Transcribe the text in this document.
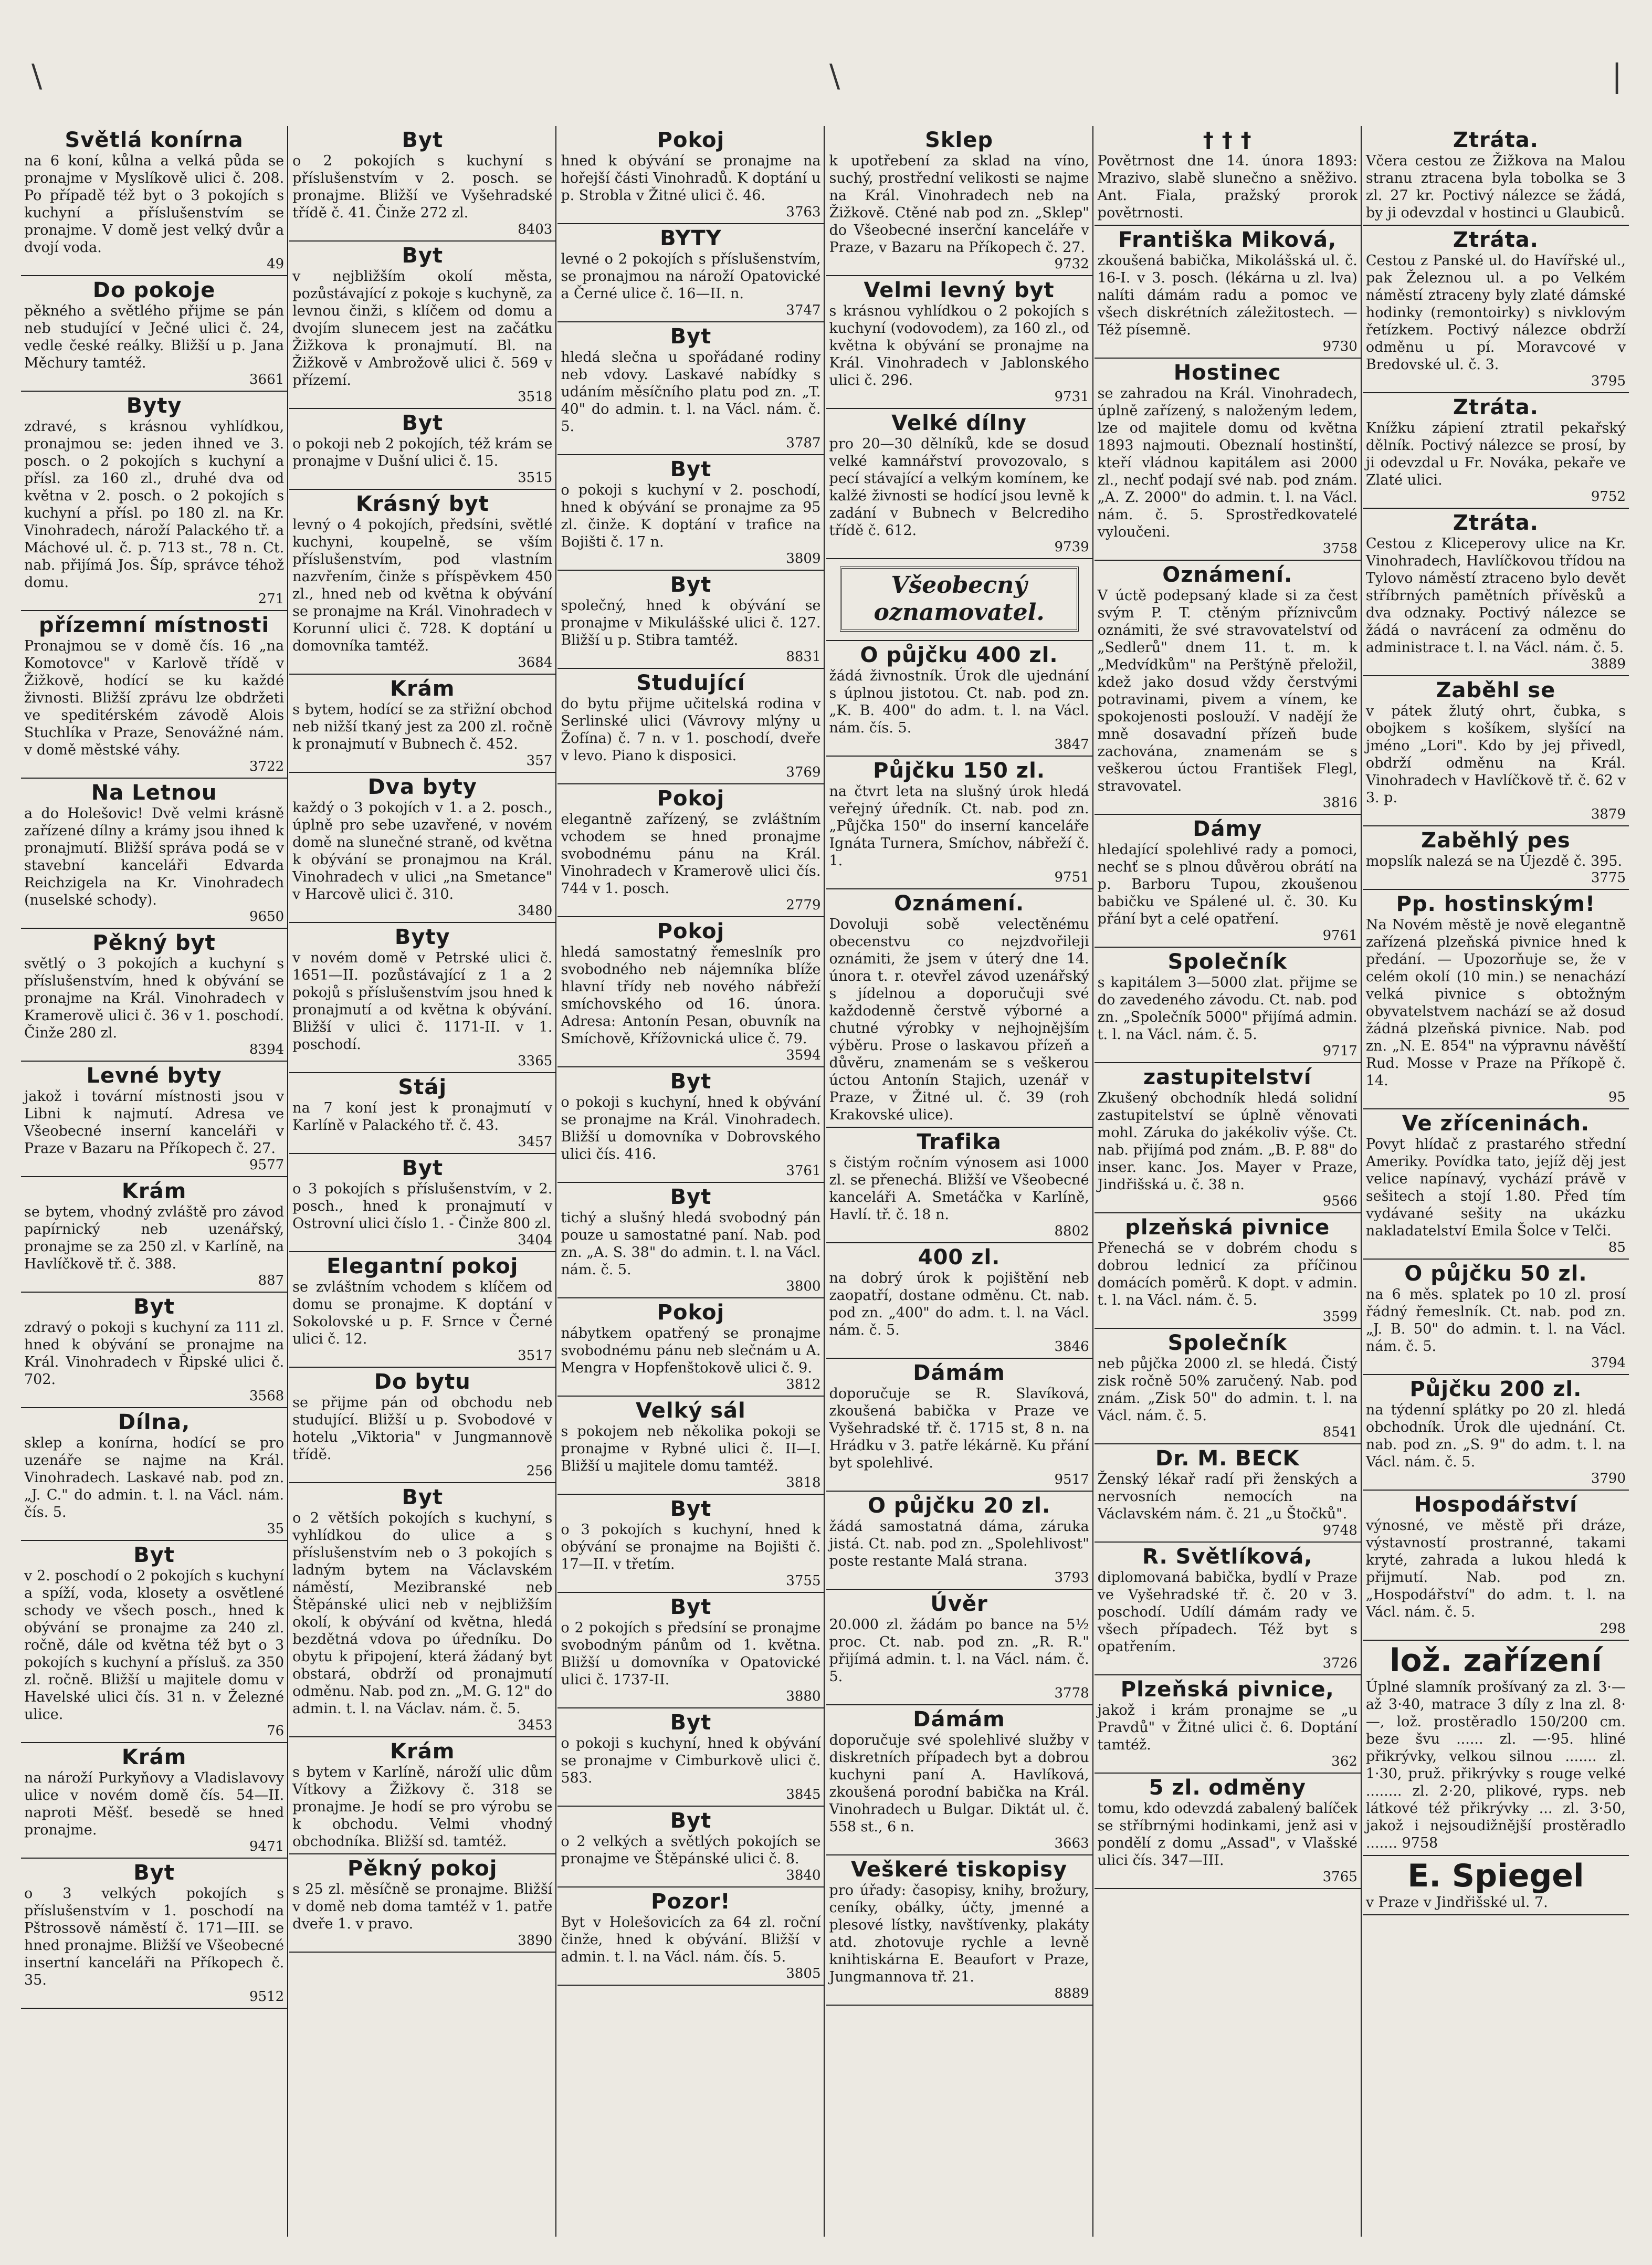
\	\	|
Světlá konírna
na 6 koní, kůlna a velká půda se pronajme v Myslíkově ulici č. 208. Po případě též byt o 3 pokojích s kuchyní a příslušenstvím se pronajme. V domě jest velký dvůr a dvojí voda.
49
Do pokoje
pěkného a světlého přijme se pán neb studující v Ječné ulici č. 24, vedle české reálky. Bližší u p. Jana Měchury tamtéž.
3661
Byty
zdravé, s krásnou vyhlídkou, pronajmou se: jeden ihned ve 3. posch. o 2 pokojích s kuchyní a přísl. za 160 zl., druhé dva od května v 2. posch. o 2 pokojích s kuchyní a přísl. po 180 zl. na Kr. Vinohradech, nároží Palackého tř. a Máchové ul. č. p. 713 st., 78 n. Ct. nab. přijímá Jos. Šíp, správce téhož domu.
271
přízemní místnosti
Pronajmou se v domě čís. 16 „na Komotovce" v Karlově třídě v Žižkově, hodící se ku každé živnosti. Bližší zprávu lze obdržeti ve speditérském závodě Alois Stuchlíka v Praze, Senovážné nám. v domě městské váhy.
3722
Na Letnou
a do Holešovic! Dvě velmi krásně zařízené dílny a krámy jsou ihned k pronajmutí. Bližší správa podá se v stavební kanceláři Edvarda Reichzigela na Kr. Vinohradech (nuselské schody).
9650
Pěkný byt
světlý o 3 pokojích a kuchyní s příslušenstvím, hned k obývání se pronajme na Král. Vinohradech v Kramerově ulici č. 36 v 1. poschodí. Činže 280 zl.
8394
Levné byty
jakož i tovární místnosti jsou v Libni k najmutí. Adresa ve Všeobecné inserní kanceláři v Praze v Bazaru na Příkopech č. 27.
9577
Krám
se bytem, vhodný zvláště pro závod papírnický neb uzenářský, pronajme se za 250 zl. v Karlíně, na Havlíčkově tř. č. 388.
887
Byt
zdravý o pokoji s kuchyní za 111 zl. hned k obývání se pronajme na Král. Vinohradech v Řipské ulici č. 702.
3568
Dílna,
sklep a konírna, hodící se pro uzenáře se najme na Král. Vinohradech. Laskavé nab. pod zn. „J. C." do admin. t. l. na Václ. nám. čís. 5.
35
Byt
v 2. poschodí o 2 pokojích s kuchyní a spíží, voda, klosety a osvětlené schody ve všech posch., hned k obývání se pronajme za 240 zl. ročně, dále od května též byt o 3 pokojích s kuchyní a přísluš. za 350 zl. ročně. Bližší u majitele domu v Havelské ulici čís. 31 n. v Železné ulice.
76
Krám
na nároží Purkyňovy a Vladislavovy ulice v novém domě čís. 54—II. naproti Měšť. besedě se hned pronajme.
9471
Byt
o 3 velkých pokojích s příslušenstvím v 1. poschodí na Pštrossově náměstí č. 171—III. se hned pronajme. Bližší ve Všeobecné insertní kanceláři na Příkopech č. 35.
9512
Byt
o 2 pokojích s kuchyní s příslušenstvím v 2. posch. se pronajme. Bližší ve Vyšehradské třídě č. 41. Činže 272 zl.
8403
Byt
v nejbližším okolí města, pozůstávající z pokoje s kuchyně, za levnou činži, s klíčem od domu a dvojím slunecem jest na začátku Žižkova k pronajmutí. Bl. na Žižkově v Ambrožově ulici č. 569 v přízemí.
3518
Byt
o pokoji neb 2 pokojích, též krám se pronajme v Dušní ulici č. 15.
3515
Krásný byt
levný o 4 pokojích, předsíni, světlé kuchyni, koupelně, se vším příslušenstvím, pod vlastním nazvřením, činže s příspěvkem 450 zl., hned neb od května k obývání se pronajme na Král. Vinohradech v Korunní ulici č. 728. K doptání u domovníka tamtéž.
3684
Krám
s bytem, hodící se za střižní obchod neb nižší tkaný jest za 200 zl. ročně k pronajmutí v Bubnech č. 452.
357
Dva byty
každý o 3 pokojích v 1. a 2. posch., úplně pro sebe uzavřené, v novém domě na slunečné straně, od května k obývání se pronajmou na Král. Vinohradech v ulici „na Smetance" v Harcově ulici č. 310.
3480
Byty
v novém domě v Petrské ulici č. 1651—II. pozůstávající z 1 a 2 pokojů s příslušenstvím jsou hned k pronajmutí a od května k obývání. Bližší v ulici č. 1171-II. v 1. poschodí.
3365
Stáj
na 7 koní jest k pronajmutí v Karlíně v Palackého tř. č. 43.
3457
Byt
o 3 pokojích s příslušenstvím, v 2. posch., hned k pronajmutí v Ostrovní ulici číslo 1. - Činže 800 zl.
3404
Elegantní pokoj
se zvláštním vchodem s klíčem od domu se pronajme. K doptání v Sokolovské u p. F. Srnce v Černé ulici č. 12.
3517
Do bytu
se přijme pán od obchodu neb studující. Bližší u p. Svobodové v hotelu „Viktoria" v Jungmannově třídě.
256
Byt
o 2 větších pokojích s kuchyní, s vyhlídkou do ulice a s příslušenstvím neb o 3 pokojích s ladným bytem na Václavském náměstí, Mezibranské neb Štěpánské ulici neb v nejbližším okolí, k obývání od května, hledá bezdětná vdova po úředníku. Do obytu k připojení, která žádaný byt obstará, obdrží od pronajmutí odměnu. Nab. pod zn. „M. G. 12" do admin. t. l. na Václav. nám. č. 5.
3453
Krám
s bytem v Karlíně, nároží ulic dům Vítkovy a Žižkovy č. 318 se pronajme. Je hodí se pro výrobu se k obchodu. Velmi vhodný obchodníka. Bližší sd. tamtéž.
Pěkný pokoj
s 25 zl. měsíčně se pronajme. Bližší v domě neb doma tamtéž v 1. patře dveře 1. v pravo.
3890
Pokoj
hned k obývání se pronajme na hořejší části Vinohradů. K doptání u p. Strobla v Žitné ulici č. 46.
3763
BYTY
levné o 2 pokojích s příslušenstvím, se pronajmou na nároží Opatovické a Černé ulice č. 16—II. n.
3747
Byt
hledá slečna u spořádané rodiny neb vdovy. Laskavé nabídky s udáním měsíčního platu pod zn. „T. 40" do admin. t. l. na Václ. nám. č. 5.
3787
Byt
o pokoji s kuchyní v 2. poschodí, hned k obývání se pronajme za 95 zl. činže. K doptání v trafice na Bojišti č. 17 n.
3809
Byt
společný, hned k obývání se pronajme v Mikulášské ulici č. 127. Bližší u p. Stibra tamtéž.
8831
Studující
do bytu přijme učitelská rodina v Serlinské ulici (Vávrovy mlýny u Žofína) č. 7 n. v 1. poschodí, dveře v levo. Piano k disposici.
3769
Pokoj
elegantně zařízený, se zvláštním vchodem se hned pronajme svobodnému pánu na Král. Vinohradech v Kramerově ulici čís. 744 v 1. posch.
2779
Pokoj
hledá samostatný řemeslník pro svobodného neb nájemníka blíže hlavní třídy neb nového nábřeží smíchovského od 16. února. Adresa: Antonín Pesan, obuvník na Smíchově, Křížovnická ulice č. 79.
3594
Byt
o pokoji s kuchyní, hned k obývání se pronajme na Král. Vinohradech. Bližší u domovníka v Dobrovského ulici čís. 416.
3761
Byt
tichý a slušný hledá svobodný pán pouze u samostatné paní. Nab. pod zn. „A. S. 38" do admin. t. l. na Václ. nám. č. 5.
3800
Pokoj
nábytkem opatřený se pronajme svobodnému pánu neb slečnám u A. Mengra v Hopfenštokově ulici č. 9.
3812
Velký sál
s pokojem neb několika pokoji se pronajme v Rybné ulici č. II—I. Bližší u majitele domu tamtéž.
3818
Byt
o 3 pokojích s kuchyní, hned k obývání se pronajme na Bojišti č. 17—II. v třetím.
3755
Byt
o 2 pokojích s předsíní se pronajme svobodným pánům od 1. května. Bližší u domovníka v Opatovické ulici č. 1737-II.
3880
Byt
o pokoji s kuchyní, hned k obývání se pronajme v Cimburkově ulici č. 583.
3845
Byt
o 2 velkých a světlých pokojích se pronajme ve Štěpánské ulici č. 8.
3840
Pozor!
Byt v Holešovicích za 64 zl. roční činže, hned k obývání. Bližší v admin. t. l. na Václ. nám. čís. 5.
3805
Sklep
k upotřebení za sklad na víno, suchý, prostřední velikosti se najme na Král. Vinohradech neb na Žižkově. Ctěné nab pod zn. „Sklep" do Všeobecné inserční kanceláře v Praze, v Bazaru na Příkopech č. 27.
9732
Velmi levný byt
s krásnou vyhlídkou o 2 pokojích s kuchyní (vodovodem), za 160 zl., od května k obývání se pronajme na Král. Vinohradech v Jablonského ulici č. 296.
9731
Velké dílny
pro 20—30 dělníků, kde se dosud velké kamnářství provozovalo, s pecí stávající a velkým komínem, ke kalžé živnosti se hodící jsou levně k zadání v Bubnech v Belcrediho třídě č. 612.
9739
Všeobecný oznamovatel.
O půjčku 400 zl.
žádá živnostník. Úrok dle ujednání s úplnou jistotou. Ct. nab. pod zn. „K. B. 400" do adm. t. l. na Václ. nám. čís. 5.
3847
Půjčku 150 zl.
na čtvrt leta na slušný úrok hledá veřejný úředník. Ct. nab. pod zn. „Půjčka 150" do inserní kanceláře Ignáta Turnera, Smíchov, nábřeží č. 1.
9751
Oznámení.
Dovoluji sobě velectěnému obecenstvu co nejzdvořileji oznámiti, že jsem v úterý dne 14. února t. r. otevřel závod uzenářský s jídelnou a doporučuji své každodenně čerstvě výborné a chutné výrobky v nejhojnějším výběru. Prose o laskavou přízeň a důvěru, znamenám se s veškerou úctou Antonín Stajich, uzenář v Praze, v Žitné ul. č. 39 (roh Krakovské ulice).
Trafika
s čistým ročním výnosem asi 1000 zl. se přenechá. Bližší ve Všeobecné kanceláři A. Smetáčka v Karlíně, Havlí. tř. č. 18 n.
8802
400 zl.
na dobrý úrok k pojištění neb zaopatří, dostane odměnu. Ct. nab. pod zn. „400" do adm. t. l. na Václ. nám. č. 5.
3846
Dámám
doporučuje se R. Slavíková, zkoušená babička v Praze ve Vyšehradské tř. č. 1715 st, 8 n. na Hrádku v 3. patře lékárně. Ku přání byt spolehlivé.
9517
O půjčku 20 zl.
žádá samostatná dáma, záruka jistá. Ct. nab. pod zn. „Spolehlivost" poste restante Malá strana.
3793
Úvěr
20.000 zl. žádám po bance na 5½ proc. Ct. nab. pod zn. „R. R." přijímá admin. t. l. na Václ. nám. č. 5.
3778
Dámám
doporučuje své spolehlivé služby v diskretních případech byt a dobrou kuchyni paní A. Havlíková, zkoušená porodní babička na Král. Vinohradech u Bulgar. Diktát ul. č. 558 st., 6 n.
3663
Veškeré tiskopisy
pro úřady: časopisy, knihy, brožury, ceníky, obálky, účty, jmenné a plesové lístky, navštívenky, plakáty atd. zhotovuje rychle a levně knihtiskárna E. Beaufort v Praze, Jungmannova tř. 21.
8889
† † †
Povětrnost dne 14. února 1893: Mrazivo, slabě slunečno a sněživo. Ant. Fiala, pražský prorok povětrnosti.
Františka Miková,
zkoušená babička, Mikolášská ul. č. 16-I. v 3. posch. (lékárna u zl. lva) nalíti dámám radu a pomoc ve všech diskrétních záležitostech. — Též písemně.
9730
Hostinec
se zahradou na Král. Vinohradech, úplně zařízený, s naloženým ledem, lze od majitele domu od května 1893 najmouti. Obeznalí hostinští, kteří vládnou kapitálem asi 2000 zl., nechť podají své nab. pod znám. „A. Z. 2000" do admin. t. l. na Václ. nám. č. 5. Sprostředkovatelé vyloučeni.
3758
Oznámení.
V úctě podepsaný klade si za čest svým P. T. ctěným příznivcům oznámiti, že své stravovatelství od „Sedlerů" dnem 11. t. m. k „Medvídkům" na Perštýně přeložil, kdež jako dosud vždy čerstvými potravinami, pivem a vínem, ke spokojenosti poslouží. V nadějí že mně dosavadní přízeň bude zachována, znamenám se s veškerou úctou František Flegl, stravovatel.
3816
Dámy
hledající spolehlivé rady a pomoci, nechť se s plnou důvěrou obrátí na p. Barboru Tupou, zkoušenou babičku ve Spálené ul. č. 30. Ku přání byt a celé opatření.
9761
Společník
s kapitálem 3—5000 zlat. přijme se do zavedeného závodu. Ct. nab. pod zn. „Společník 5000" přijímá admin. t. l. na Václ. nám. č. 5.
9717
zastupitelství
Zkušený obchodník hledá solidní zastupitelství se úplně věnovati mohl. Záruka do jakékoliv výše. Ct. nab. přijímá pod znám. „B. P. 88" do inser. kanc. Jos. Mayer v Praze, Jindřišská u. č. 38 n.
9566
plzeňská pivnice
Přenechá se v dobrém chodu s dobrou lednicí za příčinou domácích poměrů. K dopt. v admin. t. l. na Václ. nám. č. 5.
3599
Společník
neb půjčka 2000 zl. se hledá. Čistý zisk ročně 50% zaručený. Nab. pod znám. „Zisk 50" do admin. t. l. na Václ. nám. č. 5.
8541
Dr. M. BECK
Ženský lékař radí při ženských a nervosních nemocích na Václavském nám. č. 21 „u Štočků".
9748
R. Světlíková,
diplomovaná babička, bydlí v Praze ve Vyšehradské tř. č. 20 v 3. poschodí. Udílí dámám rady ve všech případech. Též byt s opatřením.
3726
Plzeňská pivnice,
jakož i krám pronajme se „u Pravdů" v Žitné ulici č. 6. Doptání tamtéž.
362
5 zl. odměny
tomu, kdo odevzdá zabalený balíček se stříbrnými hodinkami, jenž asi v pondělí z domu „Assad", v Vlašské ulici čís. 347—III.
3765
Ztráta.
Včera cestou ze Žižkova na Malou stranu ztracena byla tobolka se 3 zl. 27 kr. Poctivý nálezce se žádá, by ji odevzdal v hostinci u Glaubiců.
Ztráta.
Cestou z Panské ul. do Havířské ul., pak Železnou ul. a po Velkém náměstí ztraceny byly zlaté dámské hodinky (remontoirky) s nivklovým řetízkem. Poctivý nálezce obdrží odměnu u pí. Moravcové v Bredovské ul. č. 3.
3795
Ztráta.
Knížku zápiení ztratil pekařský dělník. Poctivý nálezce se prosí, by ji odevzdal u Fr. Nováka, pekaře ve Zlaté ulici.
9752
Ztráta.
Cestou z Kliceperovy ulice na Kr. Vinohradech, Havlíčkovou třídou na Tylovo náměstí ztraceno bylo devět stříbrných pamětních přívěsků a dva odznaky. Poctivý nálezce se žádá o navrácení za odměnu do administrace t. l. na Václ. nám. č. 5.
3889
Zaběhl se
v pátek žlutý ohrt, čubka, s obojkem s košíkem, slyšící na jméno „Lori". Kdo by jej přivedl, obdrží odměnu na Král. Vinohradech v Havlíčkově tř. č. 62 v 3. p.
3879
Zaběhlý pes
mopslík nalezá se na Újezdě č. 395.
3775
Pp. hostinským!
Na Novém městě je nově elegantně zařízená plzeňská pivnice hned k předání. — Upozorňuje se, že v celém okolí (10 min.) se nenachází velká pivnice s obtožným obyvatelstvem nachází se až dosud žádná plzeňská pivnice. Nab. pod zn. „N. E. 854" na výpravnu návěští Rud. Mosse v Praze na Příkopě č. 14.
95
Ve zříceninách.
Povyt hlídač z prastarého střední Ameriky. Povídka tato, jejíž děj jest velice napínavý, vychází právě v sešitech a stojí 1.80. Před tím vydávané sešity na ukázku nakladatelství Emila Šolce v Telči.
85
O půjčku 50 zl.
na 6 měs. splatek po 10 zl. prosí řádný řemeslník. Ct. nab. pod zn. „J. B. 50" do admin. t. l. na Václ. nám. č. 5.
3794
Půjčku 200 zl.
na týdenní splátky po 20 zl. hledá obchodník. Úrok dle ujednání. Ct. nab. pod zn. „S. 9" do adm. t. l. na Václ. nám. č. 5.
3790
Hospodářství
výnosné, ve městě při dráze, výstavností prostranné, takami kryté, zahrada a lukou hledá k přijmutí. Nab. pod zn. „Hospodářství" do adm. t. l. na Václ. nám. č. 5.
298
lož. zařízení
Úplné slamník prošívaný za zl. 3·— až 3·40, matrace 3 díly z lna zl. 8·—, lož. prostěradlo 150/200 cm. beze švu ...... zl. —·95. hliné přikrývky, velkou silnou ....... zl. 1·30, pruž. přikrývky s rouge velké ........ zl. 2·20, plikové, ryps. neb látkové též přikrývky ... zl. 3·50, jakož i nejsoudižnější prostěradlo ....... 9758
E. Spiegel
v Praze v Jindřišské ul. 7.
